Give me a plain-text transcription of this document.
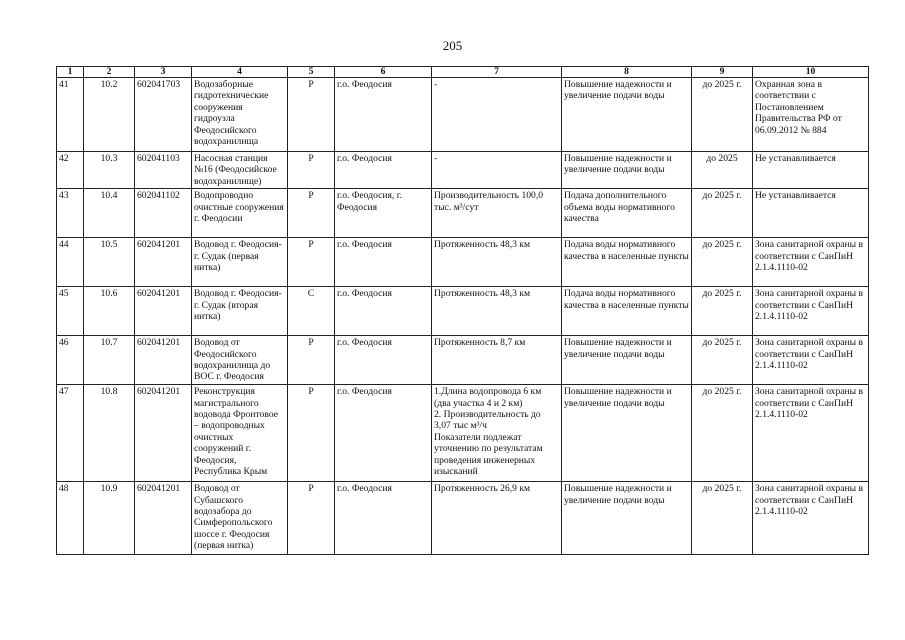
205
1	2	3	4	5	6	7	8	9	10
41	10.2	602041703	Водозаборные гидротехнические сооружения гидроузла Феодосийского водохранилища	Р	г.о. Феодосия	-	Повышение надежности и увеличение подачи воды	до 2025 г.	Охранная зона в соответствии с Постановлением Правительства РФ от 06.09.2012 № 884
42	10.3	602041103	Насосная станция №16 (Феодосийское водохранилище)	Р	г.о. Феодосия	-	Повышение надежности и увеличение подачи воды	до 2025	Не устанавливается
43	10.4	602041102	Водопроводно очистные сооружения г. Феодосии	Р	г.о. Феодосия, г. Феодосия	Производительность 100,0 тыс. м³/сут	Подача дополнительного объема воды нормативного качества	до 2025 г.	Не устанавливается
44	10.5	602041201	Водовод г. Феодосия- г. Судак (первая нитка)	Р	г.о. Феодосия	Протяженность 48,3 км	Подача воды нормативного качества в населенные пункты	до 2025 г.	Зона санитарной охраны в соответствии с СанПиН 2.1.4.1110-02
45	10.6	602041201	Водовод г. Феодосия- г. Судак (вторая нитка)	С	г.о. Феодосия	Протяженность 48,3 км	Подача воды нормативного качества в населенные пункты	до 2025 г.	Зона санитарной охраны в соответствии с СанПиН 2.1.4.1110-02
46	10.7	602041201	Водовод от Феодосийского водохранилища до ВОС г. Феодосия	Р	г.о. Феодосия	Протяженность 8,7 км	Повышение надежности и увеличение подачи воды	до 2025 г.	Зона санитарной охраны в соответствии с СанПиН 2.1.4.1110-02
47	10.8	602041201	Реконструкция магистрального водовода Фронтовое – водопроводных очистных сооружений г. Феодосия, Республика Крым	Р	г.о. Феодосия	1.Длина водопровода 6 км (два участка 4 и 2 км)
2. Производительность до 3,07 тыс м³/ч
Показатели подлежат уточнению по результатам проведения инженерных изысканий	Повышение надежности и увеличение подачи воды	до 2025 г.	Зона санитарной охраны в соответствии с СанПиН 2.1.4.1110-02
48	10.9	602041201	Водовод от Субашского водозабора до Симферопольского шоссе г. Феодосия (первая нитка)	Р	г.о. Феодосия	Протяженность 26,9 км	Повышение надежности и увеличение подачи воды	до 2025 г.	Зона санитарной охраны в соответствии с СанПиН 2.1.4.1110-02
